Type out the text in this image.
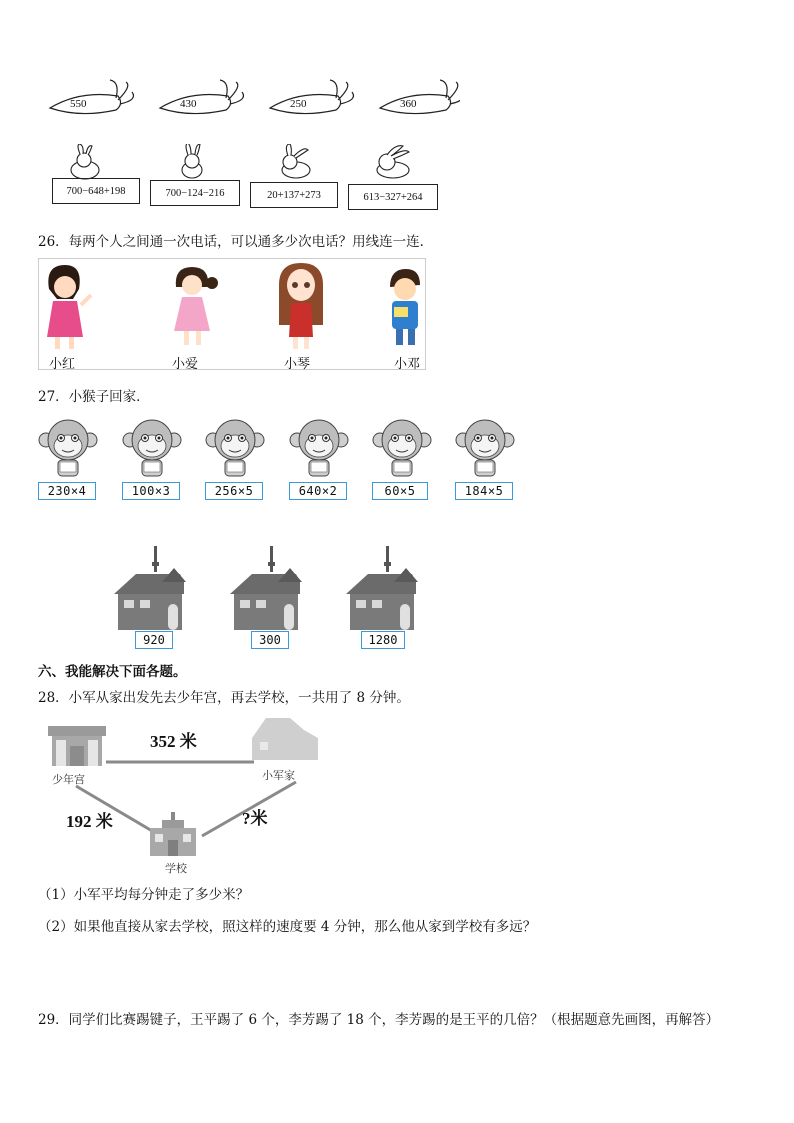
550	430	250	360
700−648+198	700−124−216	20+137+273	613−327+264
26．每两个人之间通一次电话，可以通多少次电话？用线连一连．
小红	小爱	小琴	小邓
27．小猴子回家．
230×4	100×3	256×5	640×2	60×5	184×5
920	300	1280
六、我能解决下面各题。
28．小军从家出发先去少年宫，再去学校，一共用了 8 分钟。
352 米
192 米	?米
少年宫	小军家
学校
（1）小军平均每分钟走了多少米？
（2）如果他直接从家去学校，照这样的速度要 4 分钟，那么他从家到学校有多远？
29．同学们比赛踢键子，王平踢了 6 个，李芳踢了 18 个，李芳踢的是王平的几倍？（根据题意先画图，再解答）
